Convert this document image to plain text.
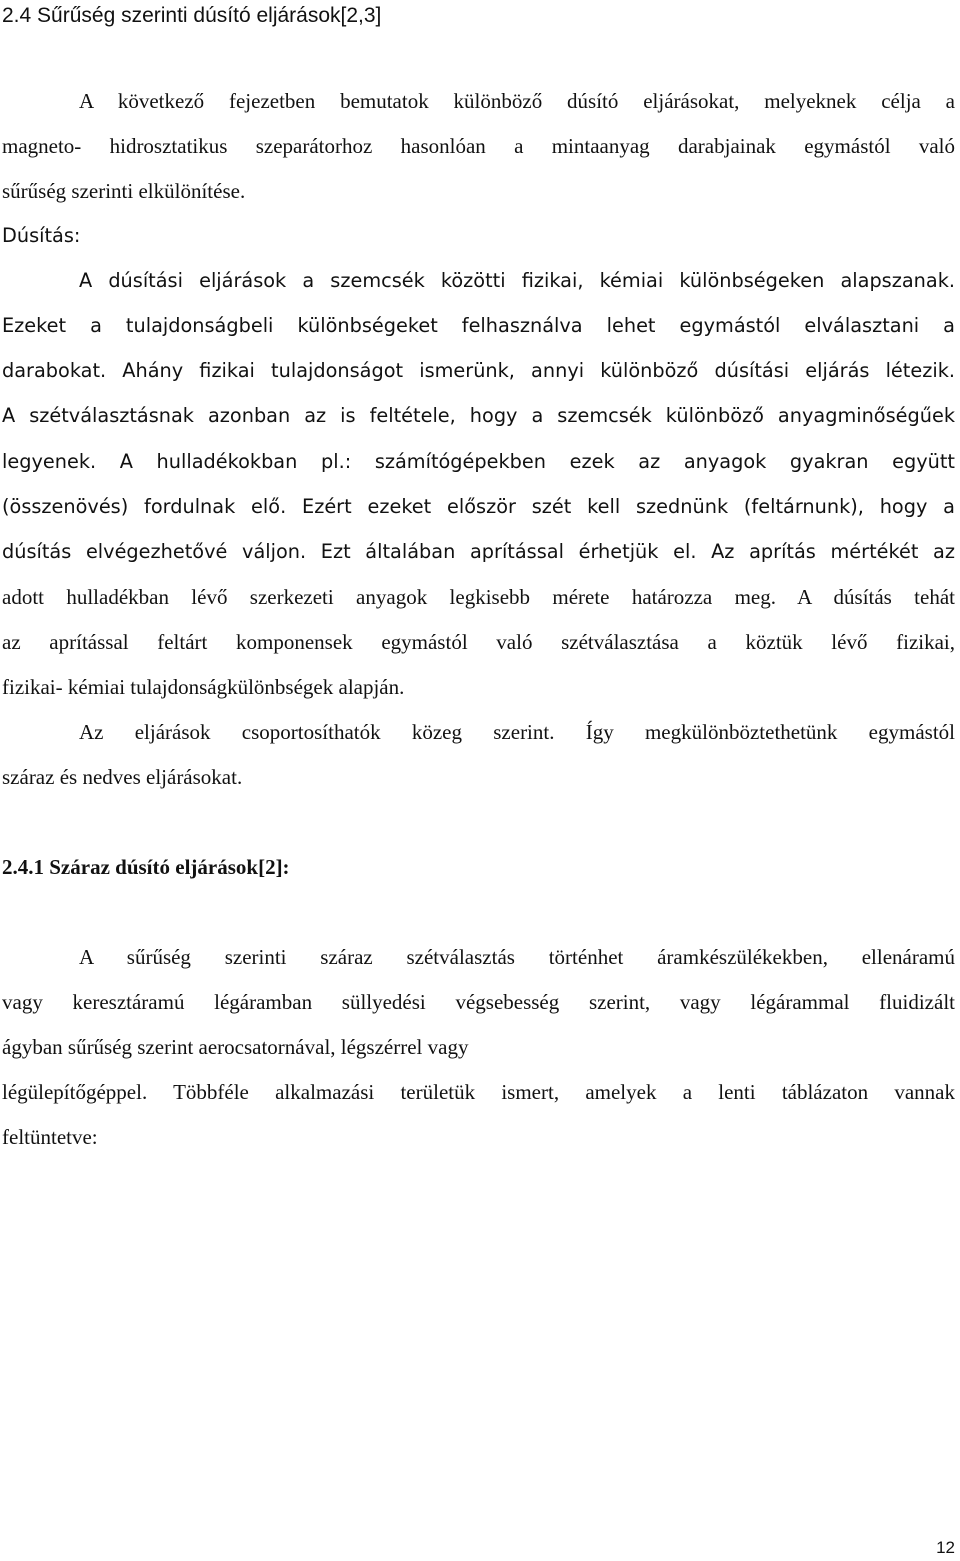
2.4 Sűrűség szerinti dúsító eljárások[2,3]

A következő fejezetben bemutatok különböző dúsító eljárásokat, melyeknek célja a

magneto- hidrosztatikus szeparátorhoz hasonlóan a mintaanyag darabjainak egymástól való

sűrűség szerinti elkülönítése.

Dúsítás:

A dúsítási eljárások a szemcsék közötti fizikai, kémiai különbségeken alapszanak.

Ezeket a tulajdonságbeli különbségeket felhasználva lehet egymástól elválasztani a

darabokat. Ahány fizikai tulajdonságot ismerünk, annyi különböző dúsítási eljárás létezik.

A szétválasztásnak azonban az is feltétele, hogy a szemcsék különböző anyagminőségűek

legyenek. A hulladékokban pl.: számítógépekben ezek az anyagok gyakran együtt

(összenövés) fordulnak elő. Ezért ezeket először szét kell szednünk (feltárnunk), hogy a

dúsítás elvégezhetővé váljon. Ezt általában aprítással érhetjük el. Az aprítás mértékét az

adott hulladékban lévő szerkezeti anyagok legkisebb mérete határozza meg. A dúsítás tehát

az aprítással feltárt komponensek egymástól való szétválasztása a köztük lévő fizikai,

fizikai- kémiai tulajdonságkülönbségek alapján.

Az eljárások csoportosíthatók közeg szerint. Így megkülönböztethetünk egymástól

száraz és nedves eljárásokat.

2.4.1 Száraz dúsító eljárások[2]:

A sűrűség szerinti száraz szétválasztás történhet áramkészülékekben, ellenáramú

vagy keresztáramú légáramban süllyedési végsebesség szerint, vagy légárammal fluidizált

ágyban sűrűség szerint aerocsatornával, légszérrel vagy

légülepítőgéppel. Többféle alkalmazási területük ismert, amelyek a lenti táblázaton vannak

feltüntetve:

12
